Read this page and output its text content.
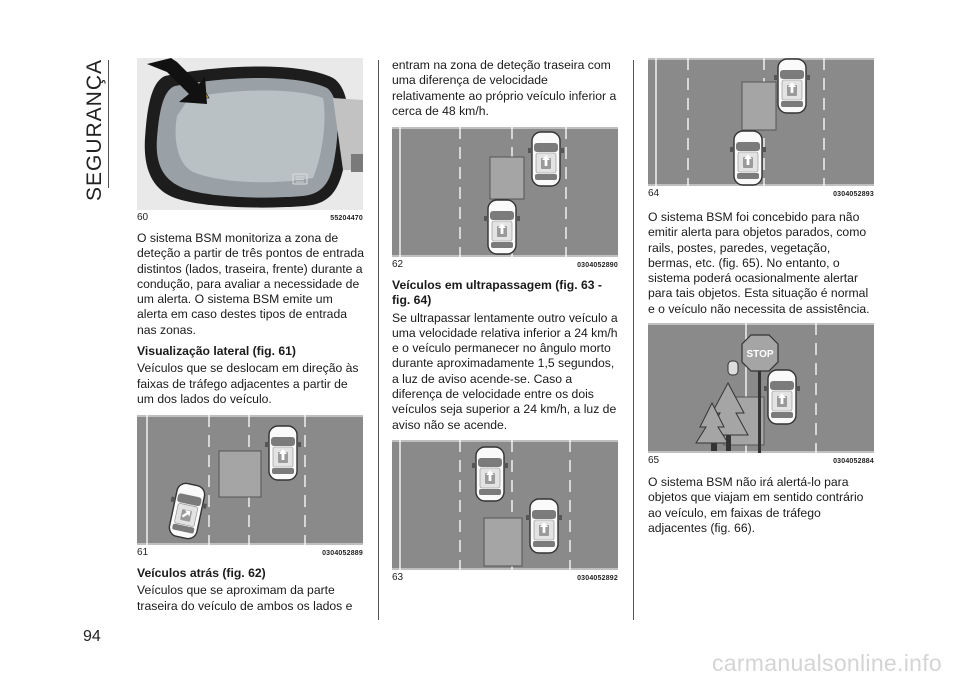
SEGURANÇA
94
60	55204470

O sistema BSM monitoriza a zona de deteção a partir de três pontos de entrada distintos (lados, traseira, frente) durante a condução, para avaliar a necessidade de um alerta. O sistema BSM emite um alerta em caso destes tipos de entrada nas zonas.

Visualização lateral (fig. 61)

Veículos que se deslocam em direção às faixas de tráfego adjacentes a partir de um dos lados do veículo.

61	0304052889
Veículos atrás (fig. 62)

Veículos que se aproximam da parte traseira do veículo de ambos os lados e

entram na zona de deteção traseira com uma diferença de velocidade relativamente ao próprio veículo inferior a cerca de 48 km/h.

62	0304052890
Veículos em ultrapassagem (fig. 63 - fig. 64)

Se ultrapassar lentamente outro veículo a uma velocidade relativa inferior a 24 km/h e o veículo permanecer no ângulo morto durante aproximadamente 1,5 segundos, a luz de aviso acende-se. Caso a diferença de velocidade entre os dois veículos seja superior a 24 km/h, a luz de aviso não se acende.

63	0304052892
64	0304052893

O sistema BSM foi concebido para não emitir alerta para objetos parados, como rails, postes, paredes, vegetação, bermas, etc. (fig. 65). No entanto, o sistema poderá ocasionalmente alertar para tais objetos. Esta situação é normal e o veículo não necessita de assistência.

STOP
65	0304052884

O sistema BSM não irá alertá-lo para objetos que viajam em sentido contrário ao veículo, em faixas de tráfego adjacentes (fig. 66).

carmanualsonline.info
